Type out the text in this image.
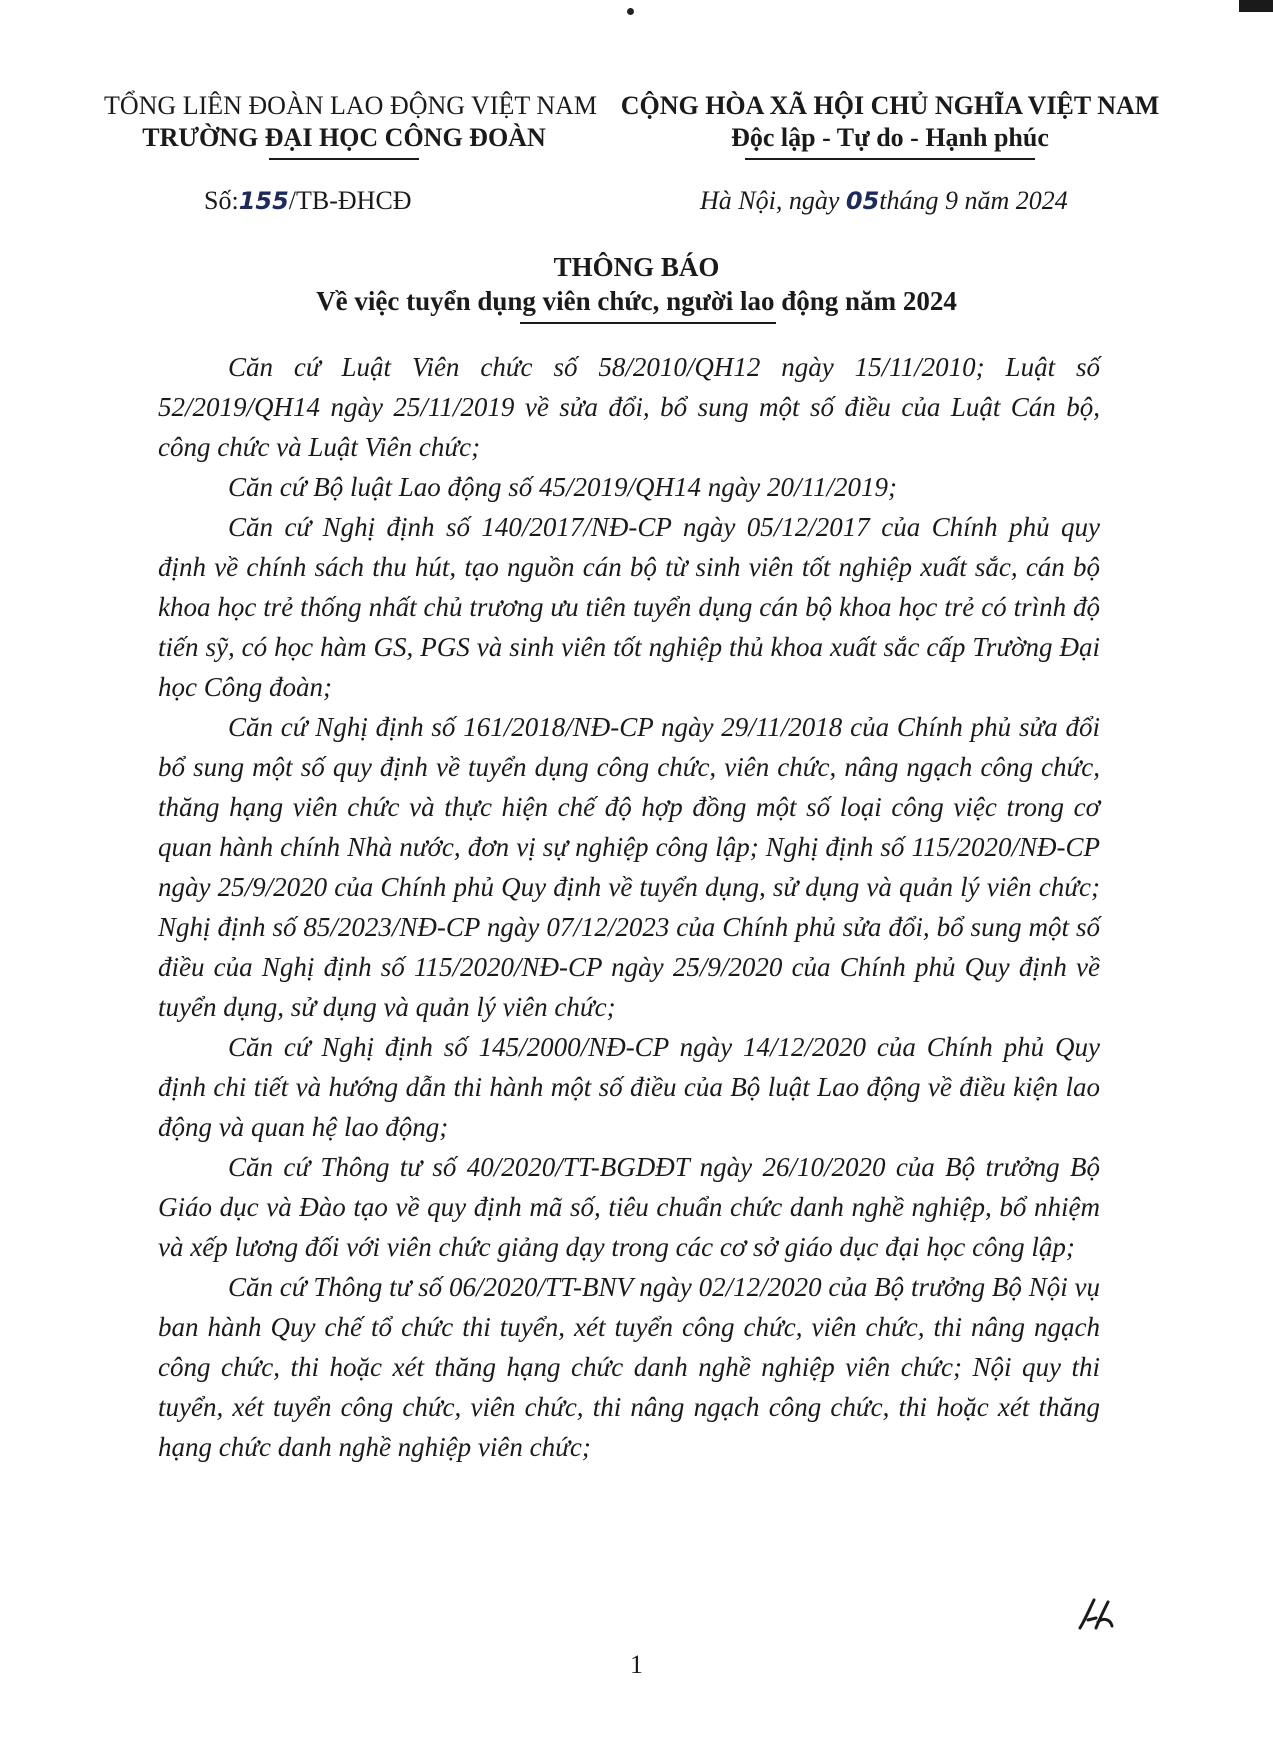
TỔNG LIÊN ĐOÀN LAO ĐỘNG VIỆT NAM
TRƯỜNG ĐẠI HỌC CÔNG ĐOÀN
CỘNG HÒA XÃ HỘI CHỦ NGHĨA VIỆT NAM
Độc lập - Tự do - Hạnh phúc
Số:155/TB-ĐHCĐ	Hà Nội, ngày 05tháng 9 năm 2024
THÔNG BÁO
Về việc tuyển dụng viên chức, người lao động năm 2024

Căn cứ Luật Viên chức số 58/2010/QH12 ngày 15/11/2010; Luật số 52/2019/QH14 ngày 25/11/2019 về sửa đổi, bổ sung một số điều của Luật Cán bộ, công chức và Luật Viên chức;

Căn cứ Bộ luật Lao động số 45/2019/QH14 ngày 20/11/2019;

Căn cứ Nghị định số 140/2017/NĐ-CP ngày 05/12/2017 của Chính phủ quy định về chính sách thu hút, tạo nguồn cán bộ từ sinh viên tốt nghiệp xuất sắc, cán bộ khoa học trẻ thống nhất chủ trương ưu tiên tuyển dụng cán bộ khoa học trẻ có trình độ tiến sỹ, có học hàm GS, PGS và sinh viên tốt nghiệp thủ khoa xuất sắc cấp Trường Đại học Công đoàn;

Căn cứ Nghị định số 161/2018/NĐ-CP ngày 29/11/2018 của Chính phủ sửa đổi bổ sung một số quy định về tuyển dụng công chức, viên chức, nâng ngạch công chức, thăng hạng viên chức và thực hiện chế độ hợp đồng một số loại công việc trong cơ quan hành chính Nhà nước, đơn vị sự nghiệp công lập; Nghị định số 115/2020/NĐ-CP ngày 25/9/2020 của Chính phủ Quy định về tuyển dụng, sử dụng và quản lý viên chức; Nghị định số 85/2023/NĐ-CP ngày 07/12/2023 của Chính phủ sửa đổi, bổ sung một số điều của Nghị định số 115/2020/NĐ-CP ngày 25/9/2020 của Chính phủ Quy định về tuyển dụng, sử dụng và quản lý viên chức;

Căn cứ Nghị định số 145/2000/NĐ-CP ngày 14/12/2020 của Chính phủ Quy định chi tiết và hướng dẫn thi hành một số điều của Bộ luật Lao động về điều kiện lao động và quan hệ lao động;

Căn cứ Thông tư số 40/2020/TT-BGDĐT ngày 26/10/2020 của Bộ trưởng Bộ Giáo dục và Đào tạo về quy định mã số, tiêu chuẩn chức danh nghề nghiệp, bổ nhiệm và xếp lương đối với viên chức giảng dạy trong các cơ sở giáo dục đại học công lập;

Căn cứ Thông tư số 06/2020/TT-BNV ngày 02/12/2020 của Bộ trưởng Bộ Nội vụ ban hành Quy chế tổ chức thi tuyển, xét tuyển công chức, viên chức, thi nâng ngạch công chức, thi hoặc xét thăng hạng chức danh nghề nghiệp viên chức; Nội quy thi tuyển, xét tuyển công chức, viên chức, thi nâng ngạch công chức, thi hoặc xét thăng hạng chức danh nghề nghiệp viên chức;

1
